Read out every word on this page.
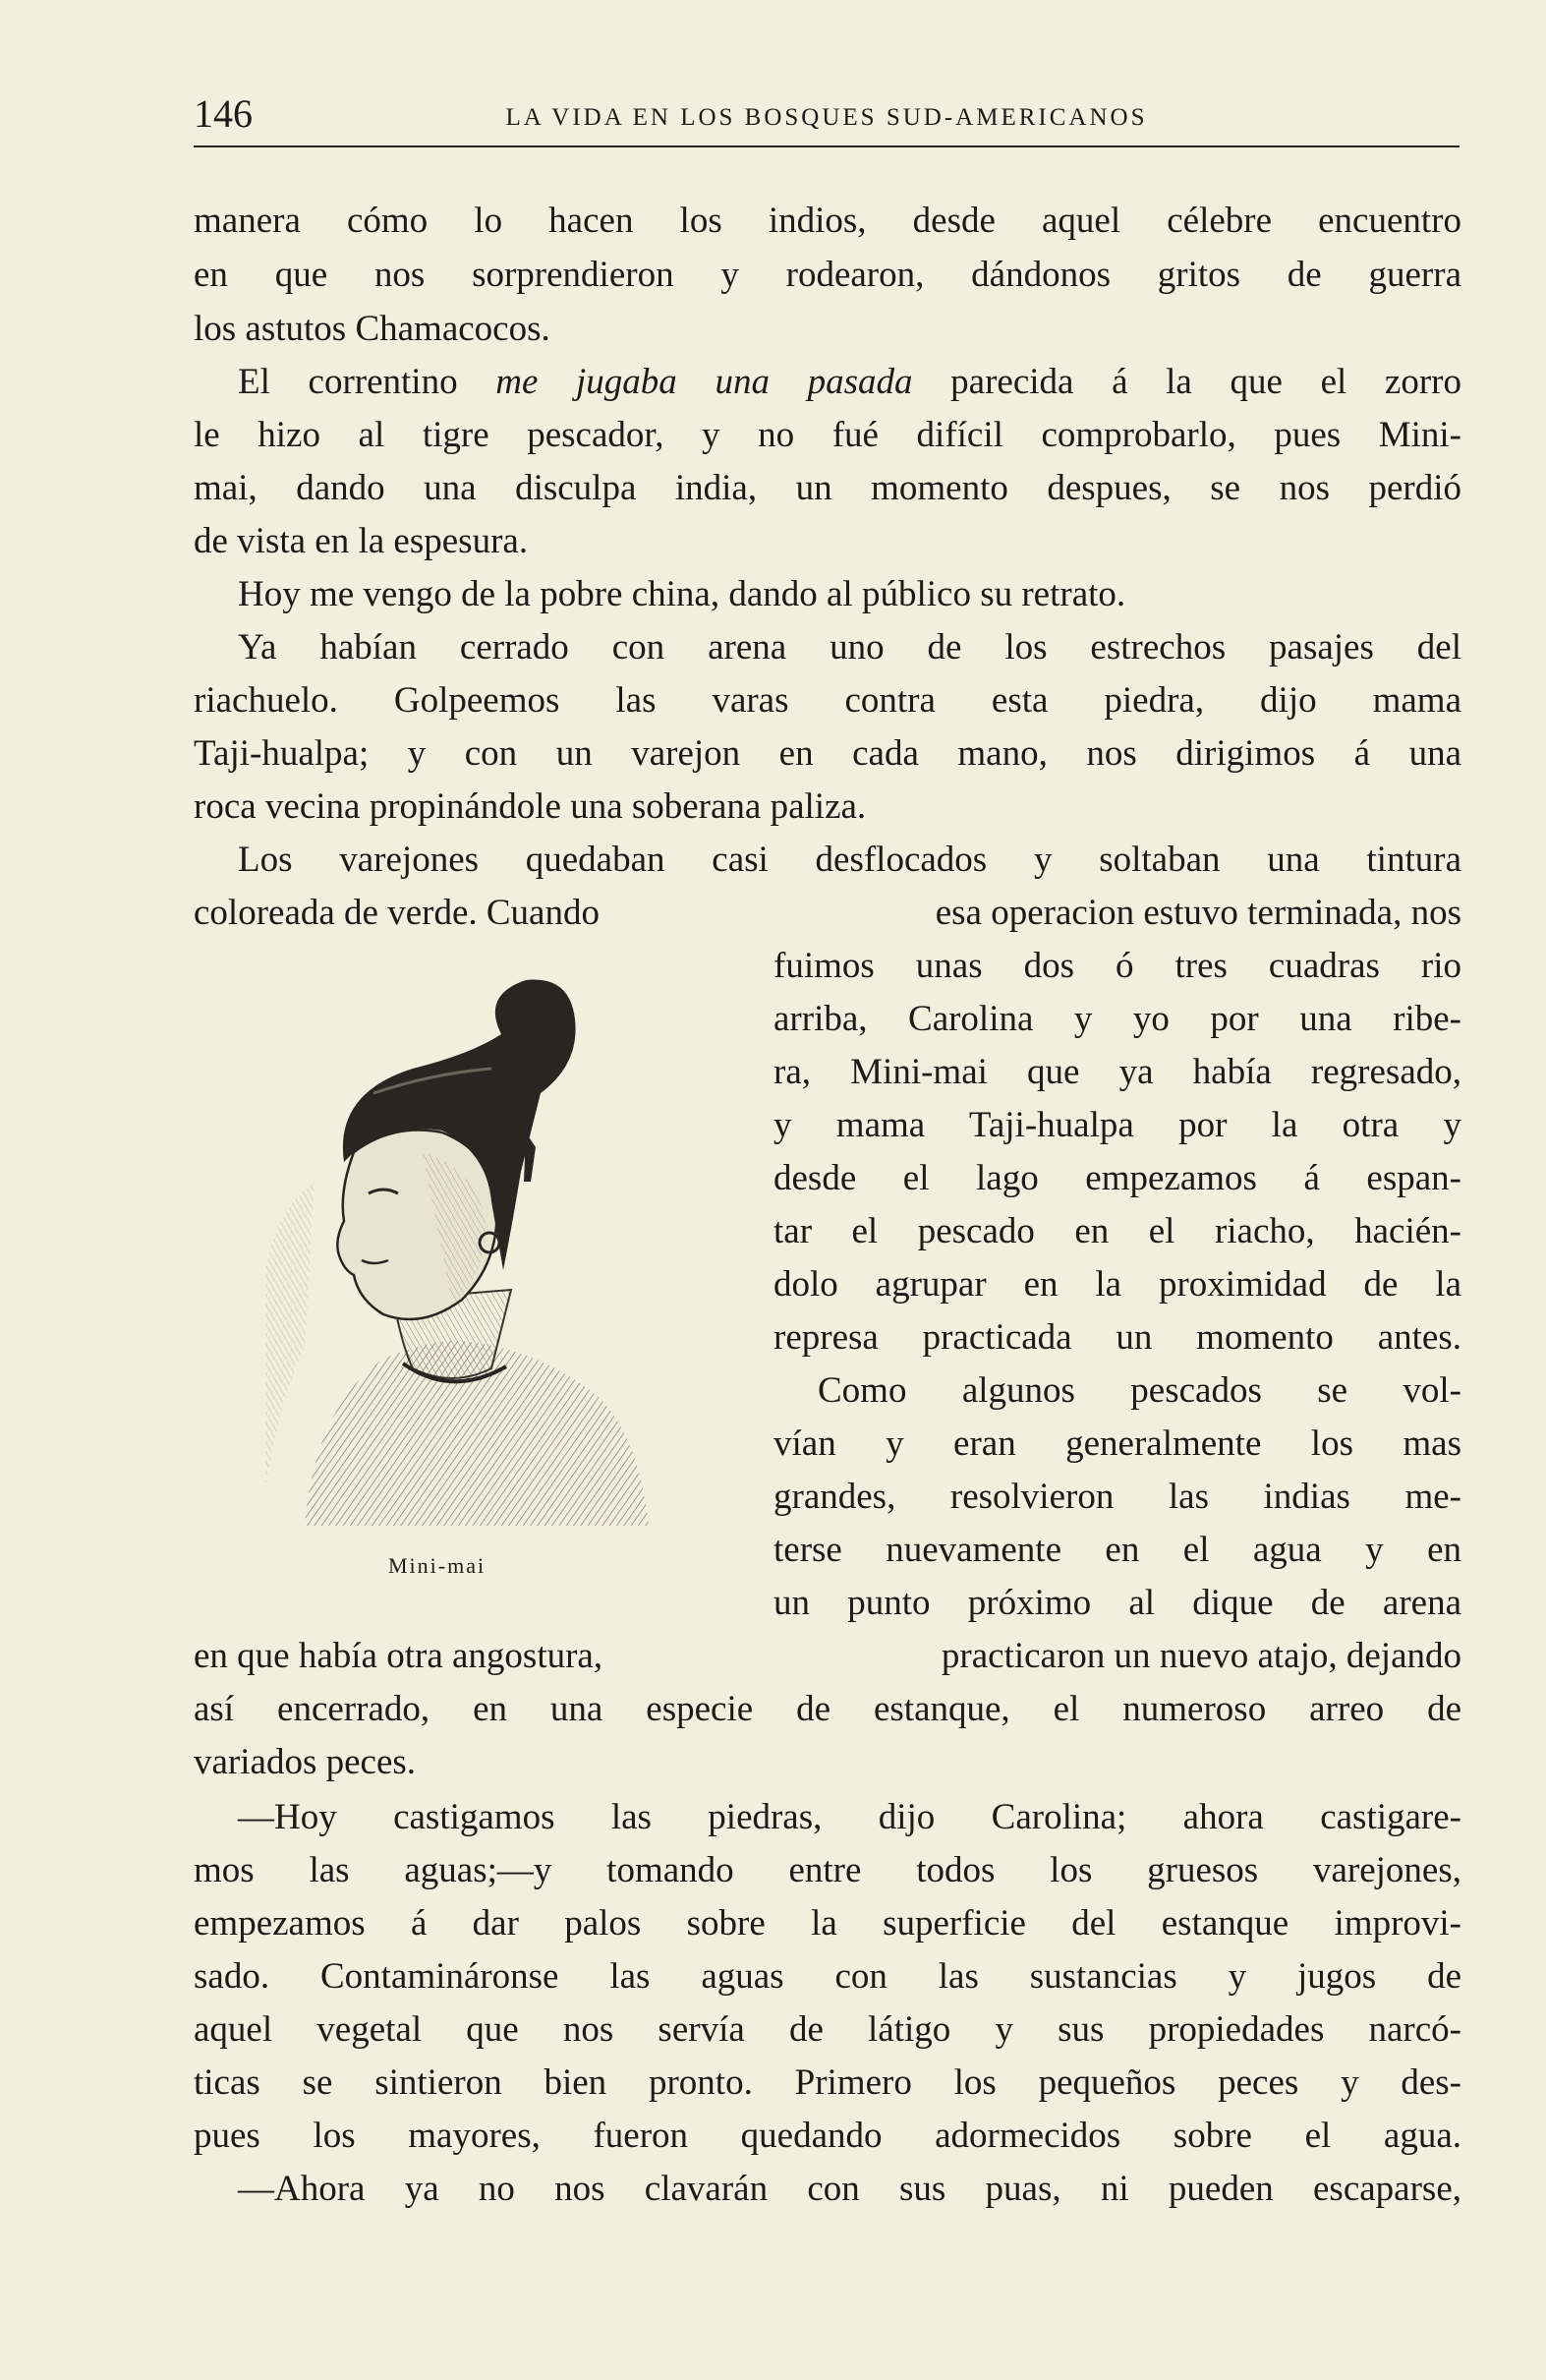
146	LA VIDA EN LOS BOSQUES SUD-AMERICANOS
manera cómo lo hacen los indios, desde aquel célebre encuentro
en que nos sorprendieron y rodearon, dándonos gritos de guerra
los astutos Chamacocos.
El correntino me jugaba una pasada parecida á la que el zorro
le hizo al tigre pescador, y no fué difícil comprobarlo, pues Mini-
mai, dando una disculpa india, un momento despues, se nos perdió
de vista en la espesura.
Hoy me vengo de la pobre china, dando al público su retrato.
Ya habían cerrado con arena uno de los estrechos pasajes del
riachuelo. Golpeemos las varas contra esta piedra, dijo mama
Taji-hualpa; y con un varejon en cada mano, nos dirigimos á una
roca vecina propinándole una soberana paliza.
Los varejones quedaban casi desflocados y soltaban una tintura
coloreada de verde. Cuando	esa operacion estuvo terminada, nos
fuimos unas dos ó tres cuadras rio
arriba, Carolina y yo por una ribe-
ra, Mini-mai que ya había regresado,
y mama Taji-hualpa por la otra y
desde el lago empezamos á espan-
tar el pescado en el riacho, hacién-
dolo agrupar en la proximidad de la
represa practicada un momento antes.
Como algunos pescados se vol-
vían y eran generalmente los mas
grandes, resolvieron las indias me-
terse nuevamente en el agua y en
un punto próximo al dique de arena
en que había otra angostura,	practicaron un nuevo atajo, dejando
así encerrado, en una especie de estanque, el numeroso arreo de
variados peces.
—Hoy castigamos las piedras, dijo Carolina; ahora castigare-
mos las aguas;—y tomando entre todos los gruesos varejones,
empezamos á dar palos sobre la superficie del estanque improvi-
sado. Contamináronse las aguas con las sustancias y jugos de
aquel vegetal que nos servía de látigo y sus propiedades narcó-
ticas se sintieron bien pronto. Primero los pequeños peces y des-
pues los mayores, fueron quedando adormecidos sobre el agua.
—Ahora ya no nos clavarán con sus puas, ni pueden escaparse,
Mini-mai
